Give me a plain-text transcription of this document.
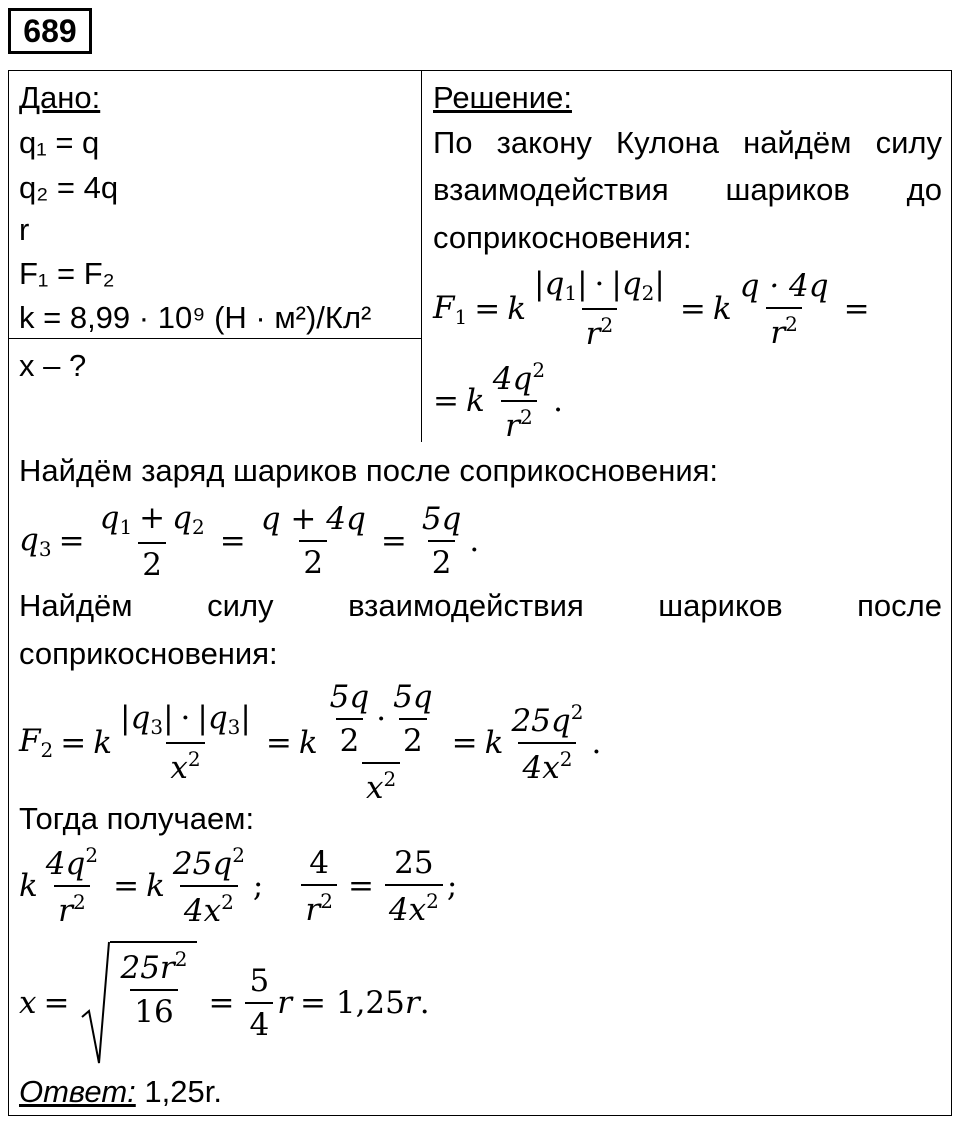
689
Дано:
q₁ = q
q₂ = 4q
r
F₁ = F₂
k = 8,99 · 10⁹ (Н · м²)/Кл²
x – ?
Решение:
По закону Кулона найдём силу
взаимодействия шариков до
соприкосновения:
$F_1 = k \frac{|q_1| \cdot |q_2|}{r^2} = k \frac{q \cdot 4q}{r^2}$ =
= k $\frac{4q^2}{r^2}$ .
Найдём заряд шариков после соприкосновения:
$q_3 = \frac{q_1 + q_2}{2} = \frac{q + 4q}{2} = \frac{5q}{2}$ .
Найдём силу взаимодействия шариков после
соприкосновения:
$F_2 = k \frac{|q_3| \cdot |q_3|}{x^2} = k \frac{\frac{5q}{2} \cdot \frac{5q}{2}}{x^2} = k \frac{25q^2}{4x^2}$ .
Тогда получаем:
k $\frac{4q^2}{r^2} = k \frac{25q^2}{4x^2}$ ; $\frac{4}{r^2} = \frac{25}{4x^2}$ ;
$x = \frac{25r^2}{16} = \frac{5}{4}$ r = 1,25 r .
Ответ: 1,25r.
